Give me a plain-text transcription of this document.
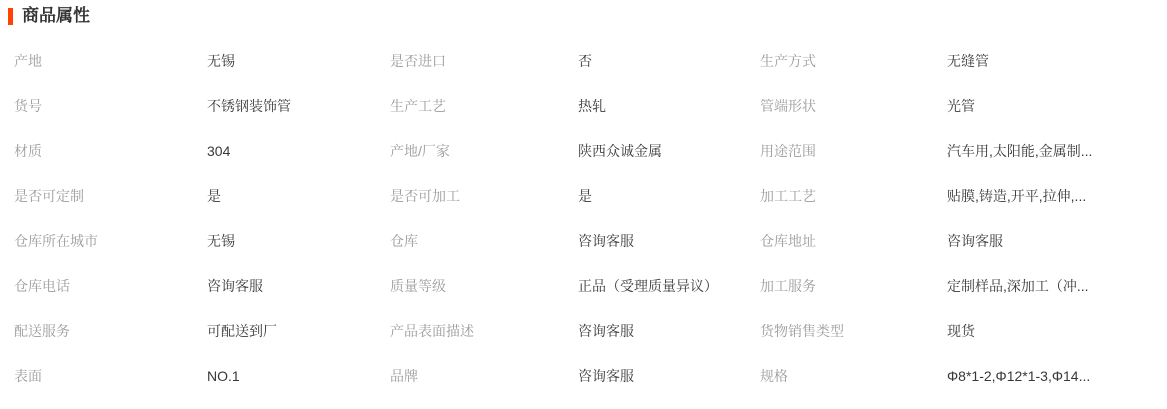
商品属性
产地	无锡	是否进口	否	生产方式	无缝管
货号	不锈钢装饰管	生产工艺	热轧	管端形状	光管
材质	304	产地/厂家	陕西众诚金属	用途范围	汽车用,太阳能,金属制...
是否可定制	是	是否可加工	是	加工工艺	贴膜,铸造,开平,拉伸,...
仓库所在城市	无锡	仓库	咨询客服	仓库地址	咨询客服
仓库电话	咨询客服	质量等级	正品（受理质量异议）	加工服务	定制样品,深加工（冲...
配送服务	可配送到厂	产品表面描述	咨询客服	货物销售类型	现货
表面	NO.1	品牌	咨询客服	规格	Φ8*1-2,Φ12*1-3,Φ14...
